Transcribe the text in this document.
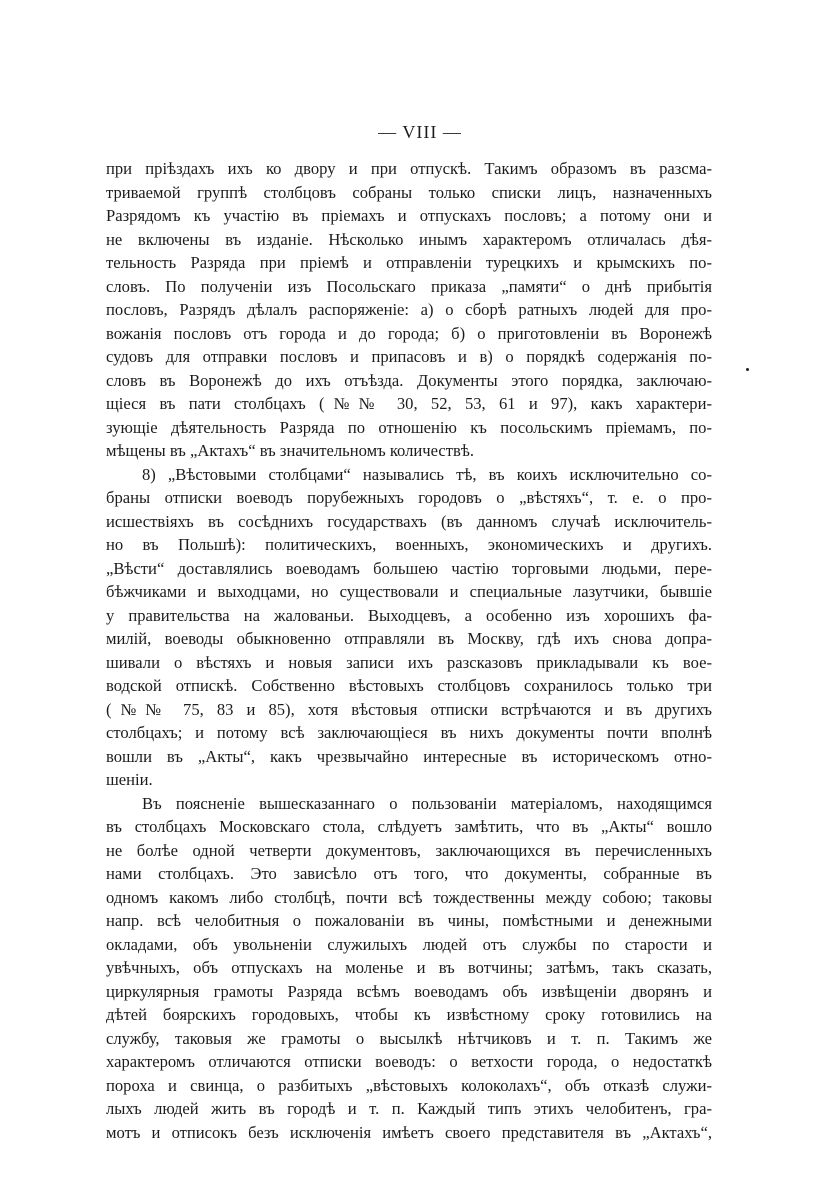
— VIII —
при пріѣздахъ ихъ ко двору и при отпускѣ. Такимъ образомъ въ разсма-
триваемой группѣ столбцовъ собраны только списки лицъ, назначенныхъ
Разрядомъ къ участію въ пріемахъ и отпускахъ пословъ; а потому они и
не включены въ изданіе. Нѣсколько инымъ характеромъ отличалась дѣя-
тельность Разряда при пріемѣ и отправленіи турецкихъ и крымскихъ по-
словъ. По полученіи изъ Посольскаго приказа „памяти“ о днѣ прибытія
пословъ, Разрядъ дѣлалъ распоряженіе: а) о сборѣ ратныхъ людей для про-
вожанія пословъ отъ города и до города; б) о приготовленіи въ Воронежѣ
судовъ для отправки пословъ и припасовъ и в) о порядкѣ содержанія по-
словъ въ Воронежѣ до ихъ отъѣзда. Документы этого порядка, заключаю-
щіеся въ пати столбцахъ (№№ 30, 52, 53, 61 и 97), какъ характери-
зующіе дѣятельность Разряда по отношенію къ посольскимъ пріемамъ, по-
мѣщены въ „Актахъ“ въ значительномъ количествѣ.
8) „Вѣстовыми столбцами“ назывались тѣ, въ коихъ исключительно со-
браны отписки воеводъ порубежныхъ городовъ о „вѣстяхъ“, т. е. о про-
исшествіяхъ въ сосѣднихъ государствахъ (въ данномъ случаѣ исключитель-
но въ Польшѣ): политическихъ, военныхъ, экономическихъ и другихъ.
„Вѣсти“ доставлялись воеводамъ большею частію торговыми людьми, пере-
бѣжчиками и выходцами, но существовали и специальные лазутчики, бывшіе
у правительства на жалованьи. Выходцевъ, а особенно изъ хорошихъ фа-
милій, воеводы обыкновенно отправляли въ Москву, гдѣ ихъ снова допра-
шивали о вѣстяхъ и новыя записи ихъ разсказовъ прикладывали къ вое-
водской отпискѣ. Собственно вѣстовыхъ столбцовъ сохранилось только три
(№№ 75, 83 и 85), хотя вѣстовыя отписки встрѣчаются и въ другихъ
столбцахъ; и потому всѣ заключающіеся въ нихъ документы почти вполнѣ
вошли въ „Акты“, какъ чрезвычайно интересные въ историческомъ отно-
шеніи.
Въ поясненіе вышесказаннаго о пользованіи матеріаломъ, находящимся
въ столбцахъ Московскаго стола, слѣдуетъ замѣтить, что въ „Акты“ вошло
не болѣе одной четверти документовъ, заключающихся въ перечисленныхъ
нами столбцахъ. Это зависѣло отъ того, что документы, собранные въ
одномъ какомъ либо столбцѣ, почти всѣ тождественны между собою; таковы
напр. всѣ челобитныя о пожалованіи въ чины, помѣстными и денежными
окладами, объ увольненіи служилыхъ людей отъ службы по старости и
увѣчныхъ, объ отпускахъ на моленье и въ вотчины; затѣмъ, такъ сказать,
циркулярныя грамоты Разряда всѣмъ воеводамъ объ извѣщеніи дворянъ и
дѣтей боярскихъ городовыхъ, чтобы къ извѣстному сроку готовились на
службу, таковыя же грамоты о высылкѣ нѣтчиковъ и т. п. Такимъ же
характеромъ отличаются отписки воеводъ: о ветхости города, о недостаткѣ
пороха и свинца, о разбитыхъ „вѣстовыхъ колоколахъ“, объ отказѣ служи-
лыхъ людей жить въ городѣ и т. п. Каждый типъ этихъ челобитенъ, гра-
мотъ и отписокъ безъ исключенія имѣетъ своего представителя въ „Актахъ“,
